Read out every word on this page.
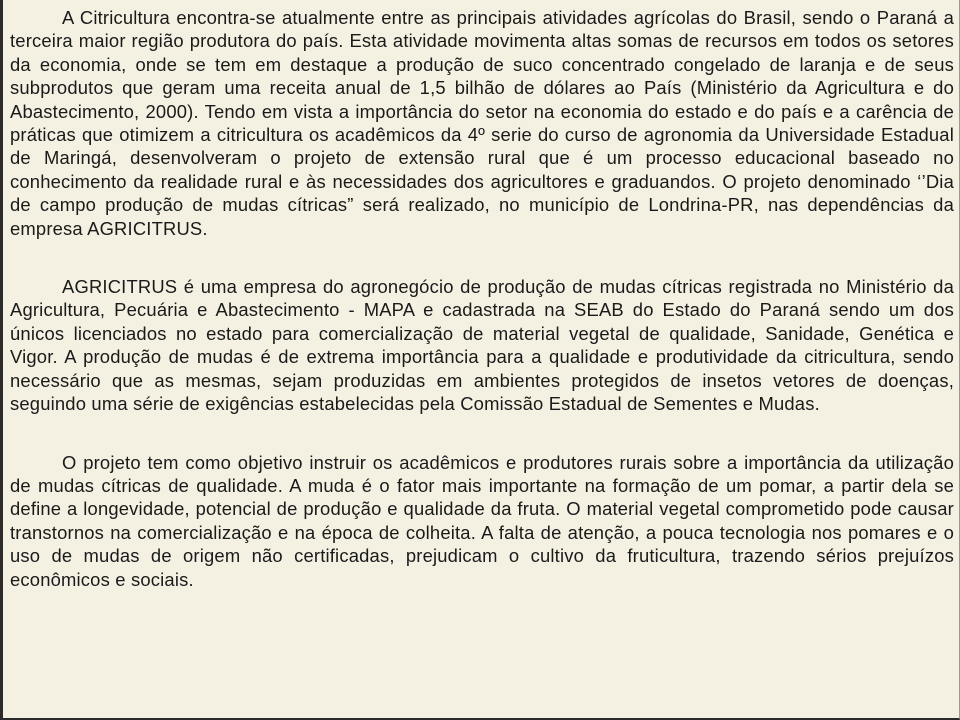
A Citricultura encontra-se atualmente entre as principais atividades agrícolas do Brasil, sendo o Paraná a terceira maior região produtora do país. Esta atividade movimenta altas somas de recursos em todos os setores da economia, onde se tem em destaque a produção de suco concentrado congelado de laranja e de seus subprodutos que geram uma receita anual de 1,5 bilhão de dólares ao País (Ministério da Agricultura e do Abastecimento, 2000). Tendo em vista a importância do setor na economia do estado e do país e a carência de práticas que otimizem a citricultura os acadêmicos da 4º serie do curso de agronomia da Universidade Estadual de Maringá, desenvolveram o projeto de extensão rural que é um processo educacional baseado no conhecimento da realidade rural e às necessidades dos agricultores e graduandos. O projeto denominado ‘’Dia de campo produção de mudas cítricas” será realizado, no município de Londrina-PR, nas dependências da empresa AGRICITRUS.

AGRICITRUS é uma empresa do agronegócio de produção de mudas cítricas registrada no Ministério da Agricultura, Pecuária e Abastecimento - MAPA e cadastrada na SEAB do Estado do Paraná sendo um dos únicos licenciados no estado para comercialização de material vegetal de qualidade, Sanidade, Genética e Vigor. A produção de mudas é de extrema importância para a qualidade e produtividade da citricultura, sendo necessário que as mesmas, sejam produzidas em ambientes protegidos de insetos vetores de doenças, seguindo uma série de exigências estabelecidas pela Comissão Estadual de Sementes e Mudas.

O projeto tem como objetivo instruir os acadêmicos e produtores rurais sobre a importância da utilização de mudas cítricas de qualidade. A muda é o fator mais importante na formação de um pomar, a partir dela se define a longevidade, potencial de produção e qualidade da fruta. O material vegetal comprometido pode causar transtornos na comercialização e na época de colheita. A falta de atenção, a pouca tecnologia nos pomares e o uso de mudas de origem não certificadas, prejudicam o cultivo da fruticultura, trazendo sérios prejuízos econômicos e sociais.
